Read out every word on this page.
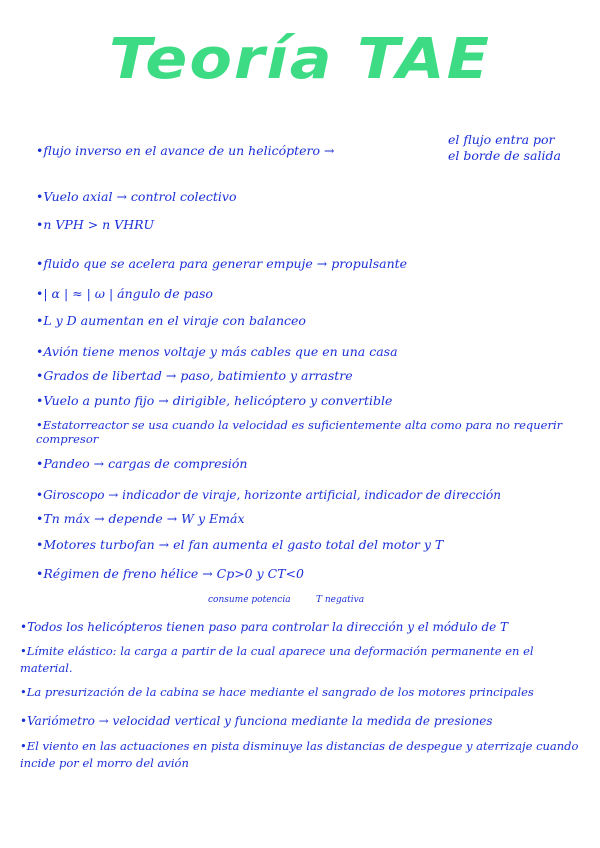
Teoría TAE
•flujo inverso en el avance de un helicóptero →
el flujo entra por el borde de salida
•Vuelo axial → control colectivo
•n VPH > n VHRU
•fluido que se acelera para generar empuje → propulsante
•| α | ≈ | ω | ángulo de paso
•L y D aumentan en el viraje con balanceo
•Avión tiene menos voltaje y más cables que en una casa
•Grados de libertad → paso, batimiento y arrastre
•Vuelo a punto fijo → dirigible, helicóptero y convertible
•Estatorreactor se usa cuando la velocidad es suficientemente alta como para no requerir compresor
•Pandeo → cargas de compresión
•Giroscopo → indicador de viraje, horizonte artificial, indicador de dirección
•Tn máx → depende → W y Emáx
•Motores turbofan → el fan aumenta el gasto total del motor y T
•Régimen de freno hélice → Cp>0 y CT<0
consume potencia	T negativa
•Todos los helicópteros tienen paso para controlar la dirección y el módulo de T
•Límite elástico: la carga a partir de la cual aparece una deformación permanente en el material.
•La presurización de la cabina se hace mediante el sangrado de los motores principales
•Variómetro → velocidad vertical y funciona mediante la medida de presiones
•El viento en las actuaciones en pista disminuye las distancias de despegue y aterrizaje cuando incide por el morro del avión
